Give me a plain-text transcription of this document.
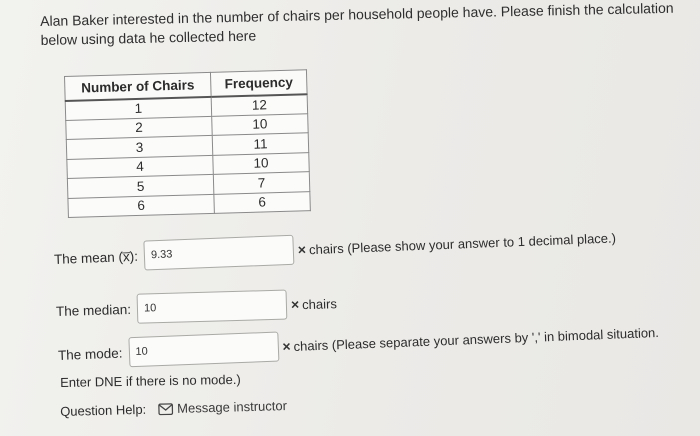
Alan Baker interested in the number of chairs per household people have. Please finish the calculation
below using data he collected here
Number of Chairs	Frequency
1	12
2	10
3	11
4	10
5	7
6	6
The mean (x̅):	9.33	× chairs (Please show your answer to 1 decimal place.)
The median:	10	× chairs
The mode:	10	× chairs (Please separate your answers by ',' in bimodal situation.
Enter DNE if there is no mode.)
Question Help: Message instructor
